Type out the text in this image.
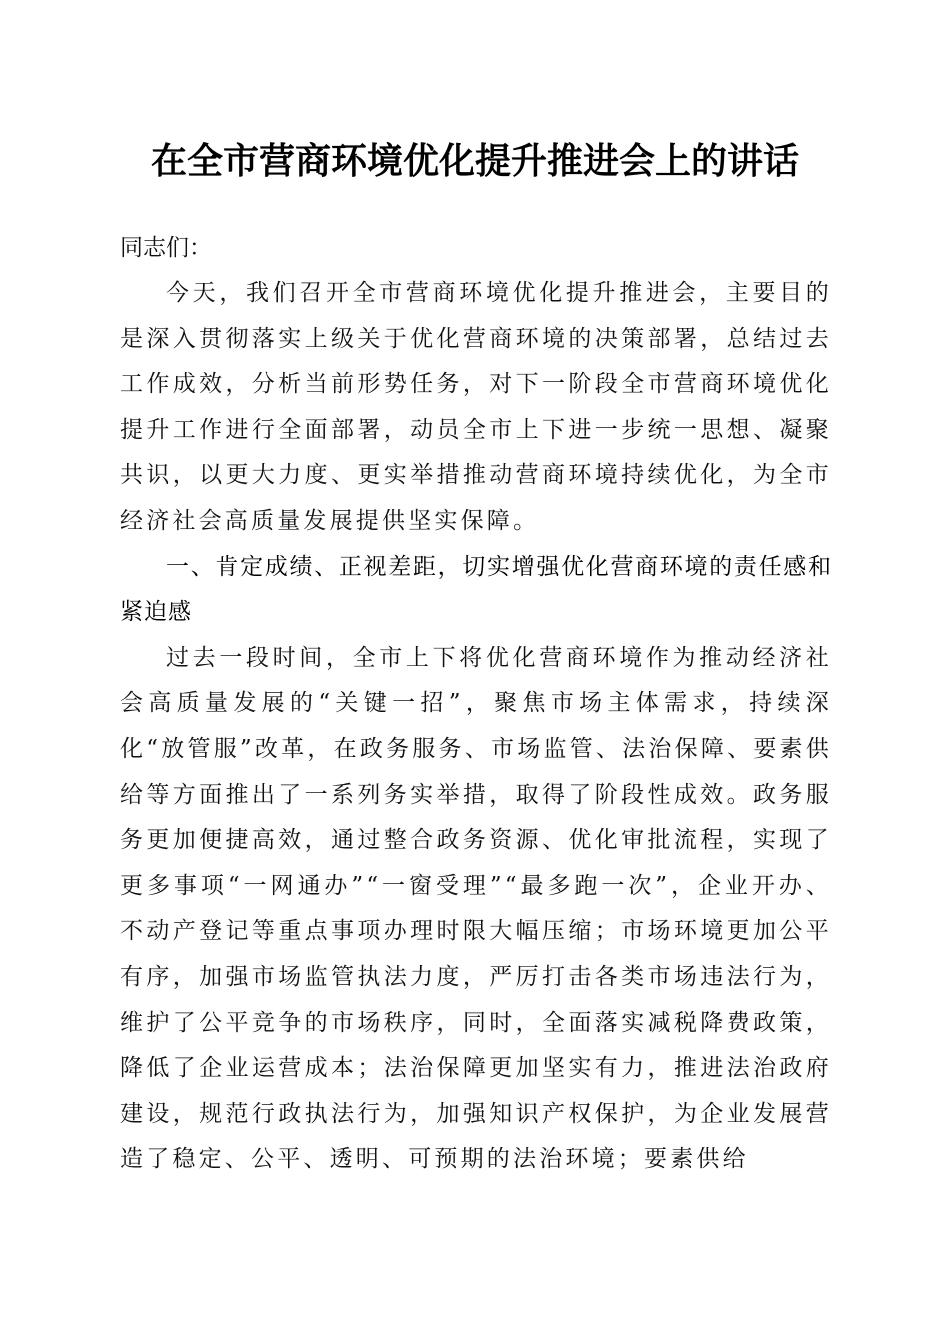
在全市营商环境优化提升推进会上的讲话

同志们：

今天，我们召开全市营商环境优化提升推进会，主要目的是深入贯彻落实上级关于优化营商环境的决策部署，总结过去工作成效，分析当前形势任务，对下一阶段全市营商环境优化提升工作进行全面部署，动员全市上下进一步统一思想、凝聚共识，以更大力度、更实举措推动营商环境持续优化，为全市经济社会高质量发展提供坚实保障。

一、肯定成绩、正视差距，切实增强优化营商环境的责任感和紧迫感

过去一段时间，全市上下将优化营商环境作为推动经济社会高质量发展的“关键一招”，聚焦市场主体需求，持续深化“放管服”改革，在政务服务、市场监管、法治保障、要素供给等方面推出了一系列务实举措，取得了阶段性成效。政务服务更加便捷高效，通过整合政务资源、优化审批流程，实现了更多事项“一网通办”“一窗受理”“最多跑一次”，企业开办、不动产登记等重点事项办理时限大幅压缩；市场环境更加公平有序，加强市场监管执法力度，严厉打击各类市场违法行为，维护了公平竞争的市场秩序，同时，全面落实减税降费政策，降低了企业运营成本；法治保障更加坚实有力，推进法治政府建设，规范行政执法行为，加强知识产权保护，为企业发展营造了稳定、公平、透明、可预期的法治环境；要素供给
